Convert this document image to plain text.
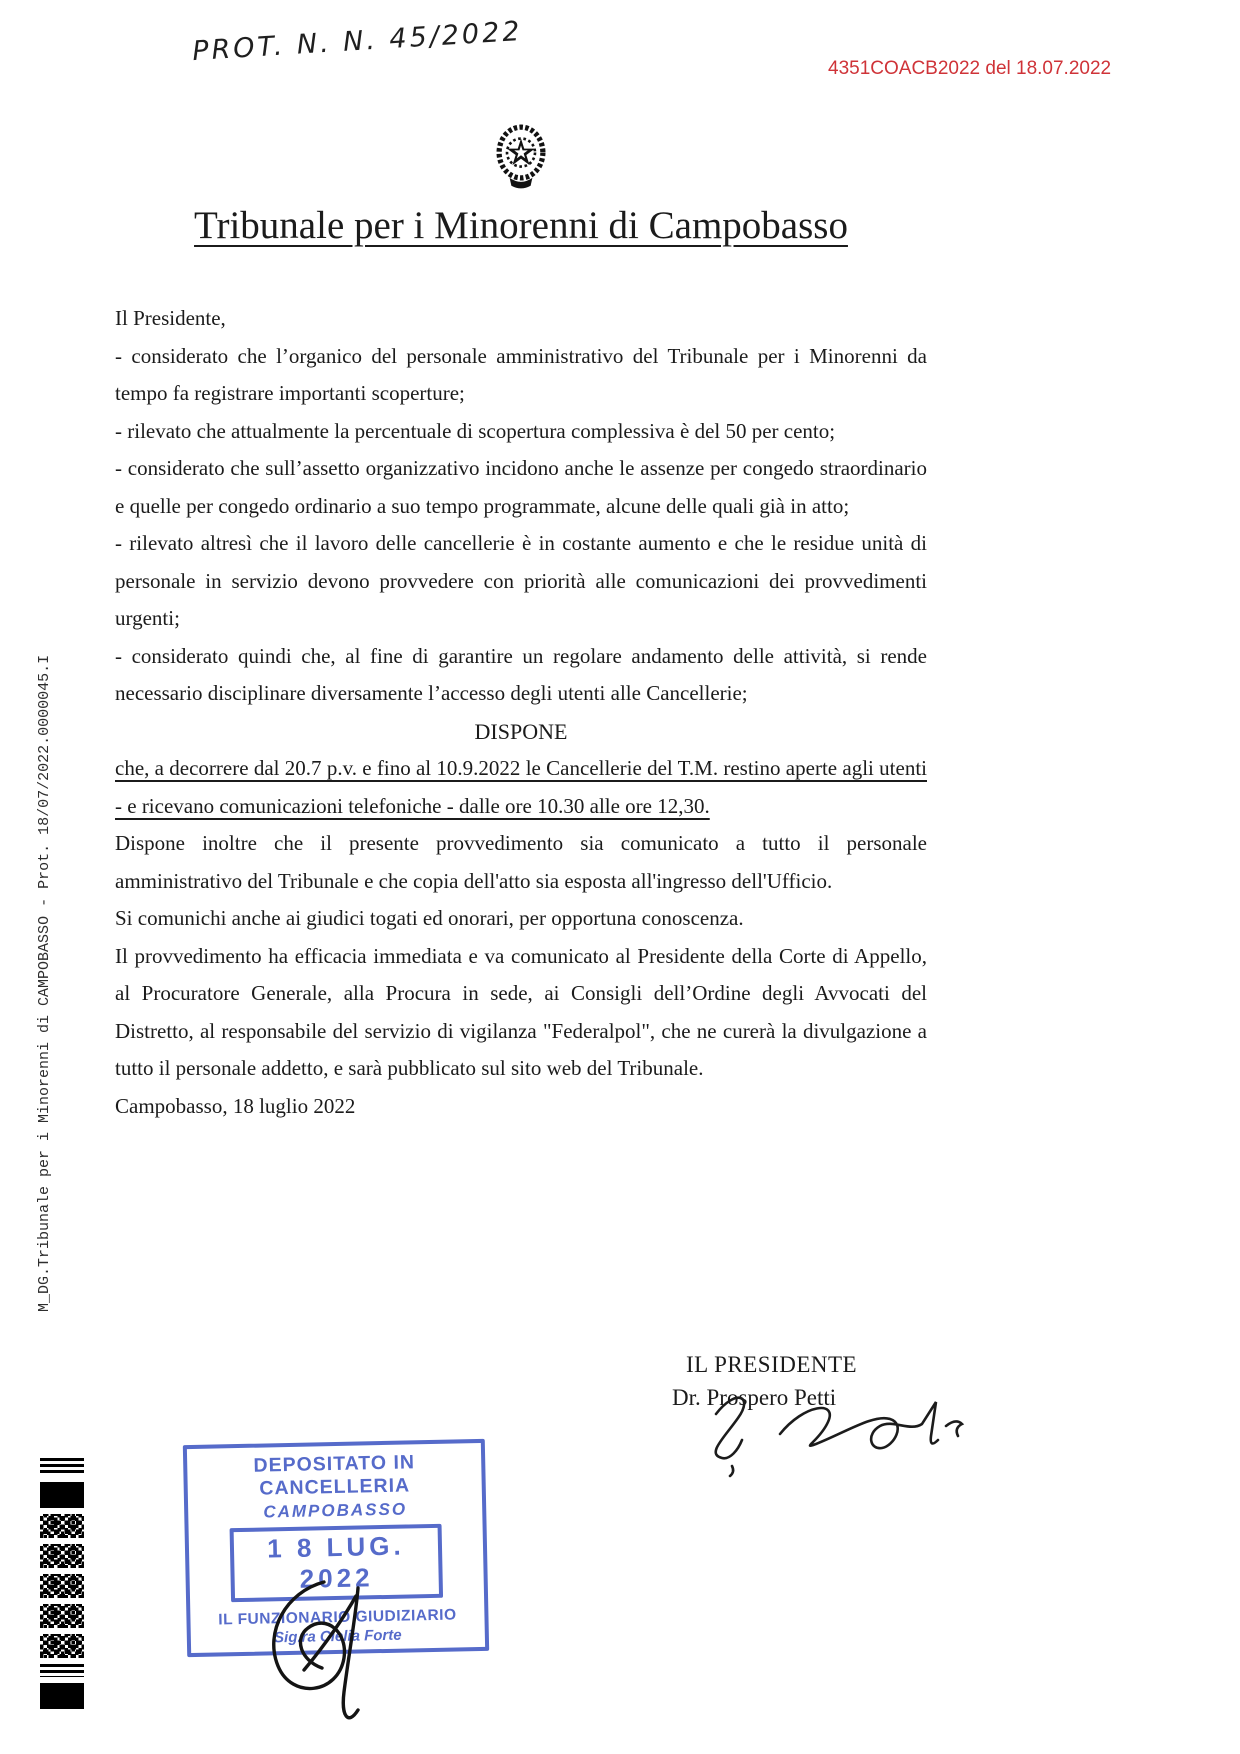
PROT. N. N. 45/2022
4351COACB2022 del 18.07.2022
Tribunale per i Minorenni di Campobasso

Il Presidente,

- considerato che l’organico del personale amministrativo del Tribunale per i Minorenni da tempo fa registrare importanti scoperture;

- rilevato che attualmente la percentuale di scopertura complessiva è del 50 per cento;

- considerato che sull’assetto organizzativo incidono anche le assenze per congedo straordinario e quelle per congedo ordinario a suo tempo programmate, alcune delle quali già in atto;

- rilevato altresì che il lavoro delle cancellerie è in costante aumento e che le residue unità di personale in servizio devono provvedere con priorità alle comunicazioni dei provvedimenti urgenti;

- considerato quindi che, al fine di garantire un regolare andamento delle attività, si rende necessario disciplinare diversamente l’accesso degli utenti alle Cancellerie;

DISPONE

che, a decorrere dal 20.7 p.v. e fino al 10.9.2022 le Cancellerie del T.M. restino aperte agli utenti - e ricevano comunicazioni telefoniche - dalle ore 10.30 alle ore 12,30.

Dispone inoltre che il presente provvedimento sia comunicato a tutto il personale amministrativo del Tribunale e che copia dell'atto sia esposta all'ingresso dell'Ufficio.

Si comunichi anche ai giudici togati ed onorari, per opportuna conoscenza.

Il provvedimento ha efficacia immediata e va comunicato al Presidente della Corte di Appello, al Procuratore Generale, alla Procura in sede, ai Consigli dell’Ordine degli Avvocati del Distretto, al responsabile del servizio di vigilanza "Federalpol", che ne curerà la divulgazione a tutto il personale addetto, e sarà pubblicato sul sito web del Tribunale.

Campobasso, 18 luglio 2022

IL PRESIDENTE
Dr. Prospero Petti
DEPOSITATO IN CANCELLERIA
CAMPOBASSO
1 8 LUG. 2022
IL FUNZIONARIO GIUDIZIARIO
Sig.ra Clelia Forte
M_DG.Tribunale per i Minorenni di CAMPOBASSO - Prot. 18/07/2022.0000045.I
